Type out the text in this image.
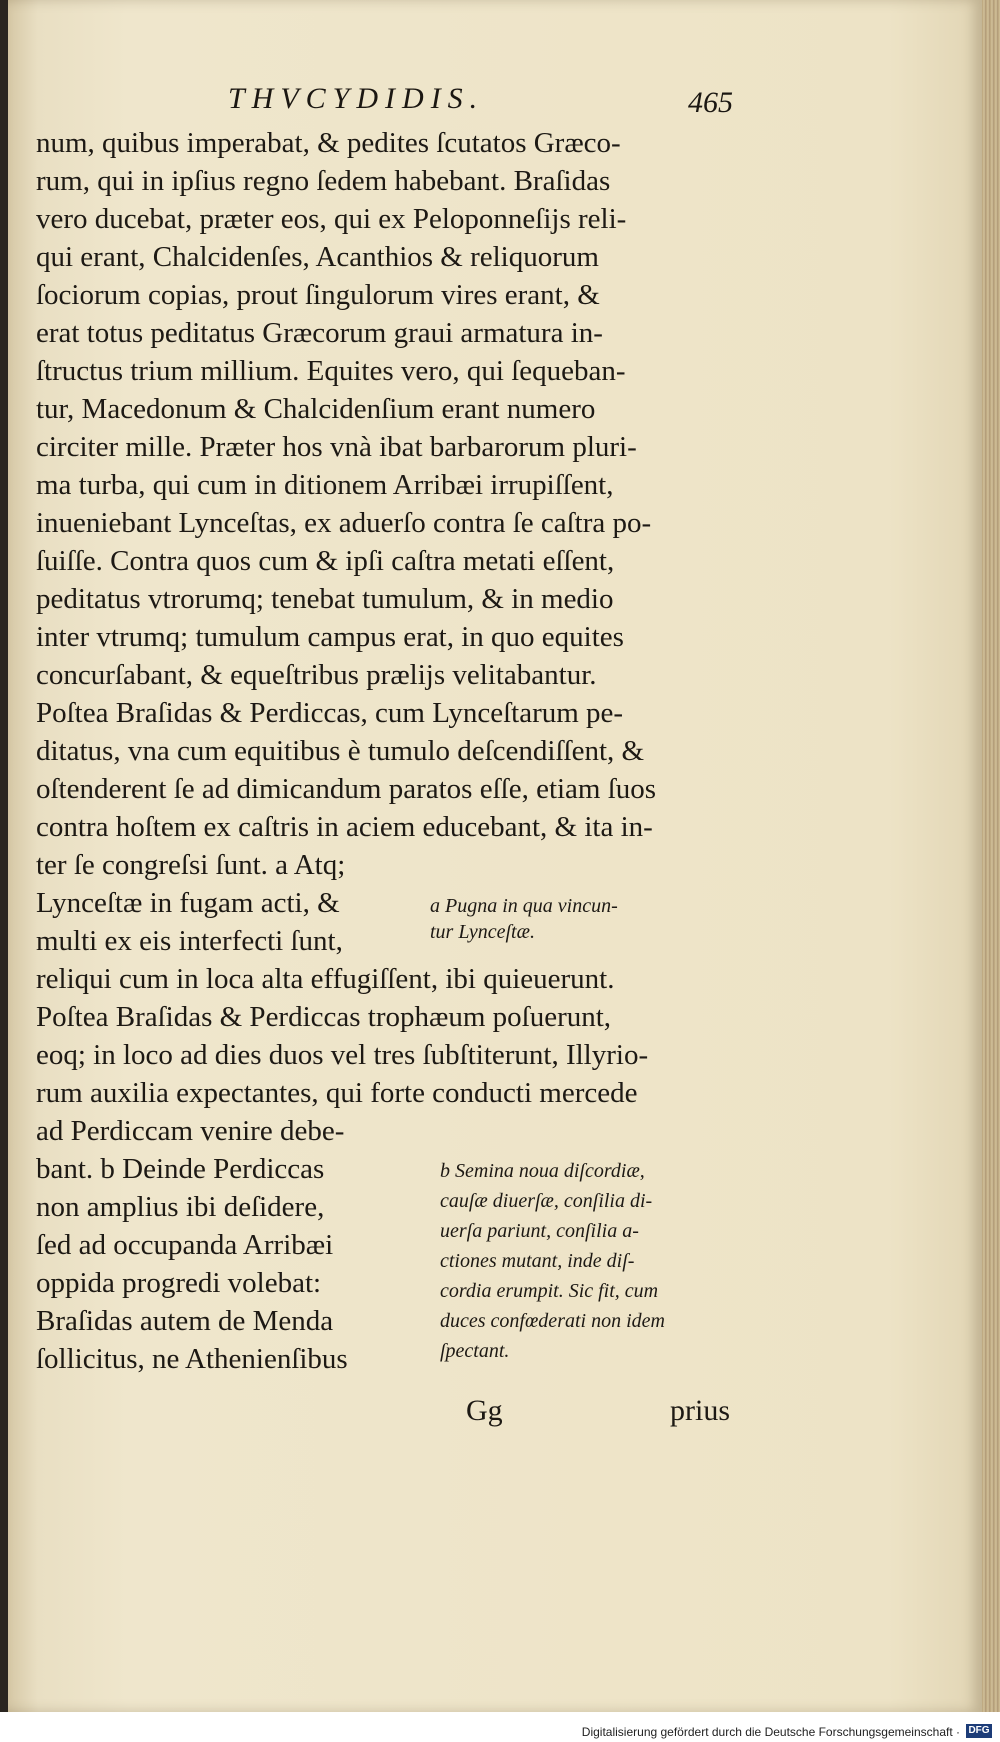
THVCYDIDIS.	465
num, quibus imperabat, & pedites ſcutatos Græco-
rum, qui in ipſius regno ſedem habebant. Braſidas
vero ducebat, præter eos, qui ex Peloponneſijs reli-
qui erant, Chalcidenſes, Acanthios & reliquorum
ſociorum copias, prout ſingulorum vires erant, &
erat totus peditatus Græcorum graui armatura in-
ſtructus trium millium. Equites vero, qui ſequeban-
tur, Macedonum & Chalcidenſium erant numero
circiter mille. Præter hos vnà ibat barbarorum pluri-
ma turba, qui cum in ditionem Arribæi irrupiſſent,
inueniebant Lynceſtas, ex aduerſo contra ſe caſtra po-
ſuiſſe. Contra quos cum & ipſi caſtra metati eſſent,
peditatus vtrorumq; tenebat tumulum, & in medio
inter vtrumq; tumulum campus erat, in quo equites
concurſabant, & equeſtribus prælijs velitabantur.
Poſtea Braſidas & Perdiccas, cum Lynceſtarum pe-
ditatus, vna cum equitibus è tumulo deſcendiſſent, &
oſtenderent ſe ad dimicandum paratos eſſe, etiam ſuos
contra hoſtem ex caſtris in aciem educebant, & ita in-
ter ſe congreſsi ſunt. a Atq;
Lynceſtæ in fugam acti, &
multi ex eis interfecti ſunt,
reliqui cum in loca alta effugiſſent, ibi quieuerunt.
Poſtea Braſidas & Perdiccas trophæum poſuerunt,
eoq; in loco ad dies duos vel tres ſubſtiterunt, Illyrio-
rum auxilia expectantes, qui forte conducti mercede
ad Perdiccam venire debe-
bant. b Deinde Perdiccas
non amplius ibi deſidere,
ſed ad occupanda Arribæi
oppida progredi volebat:
Braſidas autem de Menda
ſollicitus, ne Athenienſibus
a Pugna in qua vincun-
tur Lynceſtæ.
b Semina noua diſcordiæ,
cauſæ diuerſæ, conſilia di-
uerſa pariunt, conſilia a-
ctiones mutant, inde diſ-
cordia erumpit. Sic fit, cum
duces confœderati non idem
ſpectant.
Gg	prius
Digitalisierung gefördert durch die Deutsche Forschungsgemeinschaft · DFG
